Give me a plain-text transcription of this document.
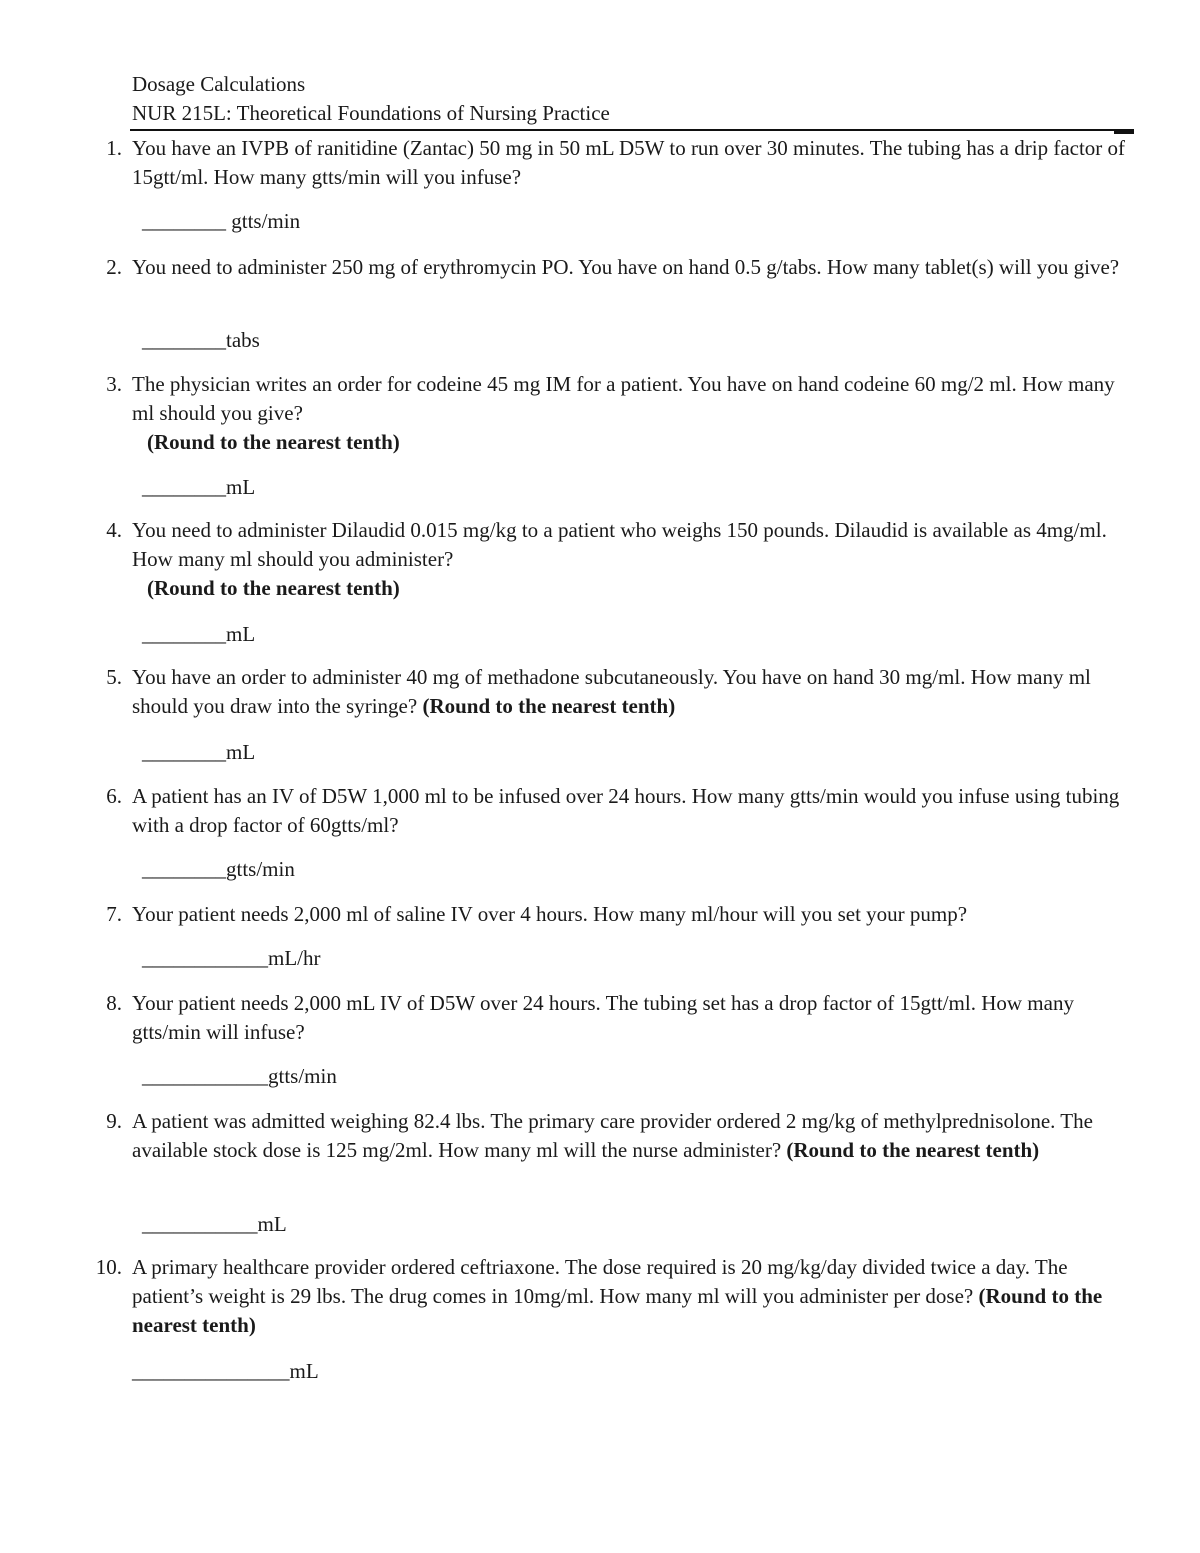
Dosage Calculations
NUR 215L: Theoretical Foundations of Nursing Practice
1. You have an IVPB of ranitidine (Zantac) 50 mg in 50 mL D5W to run over 30 minutes. The tubing has a drip factor of 15gtt/ml. How many gtts/min will you infuse?
________ gtts/min
2. You need to administer 250 mg of erythromycin PO. You have on hand 0.5 g/tabs. How many tablet(s) will you give?
________tabs
3. The physician writes an order for codeine 45 mg IM for a patient. You have on hand codeine 60 mg/2 ml. How many ml should you give?
(Round to the nearest tenth)
________mL
4. You need to administer Dilaudid 0.015 mg/kg to a patient who weighs 150 pounds. Dilaudid is available as 4mg/ml. How many ml should you administer?
(Round to the nearest tenth)
________mL
5. You have an order to administer 40 mg of methadone subcutaneously. You have on hand 30 mg/ml. How many ml should you draw into the syringe? (Round to the nearest tenth)
________mL
6. A patient has an IV of D5W 1,000 ml to be infused over 24 hours. How many gtts/min would you infuse using tubing with a drop factor of 60gtts/ml?
________gtts/min
7. Your patient needs 2,000 ml of saline IV over 4 hours. How many ml/hour will you set your pump?
____________mL/hr
8. Your patient needs 2,000 mL IV of D5W over 24 hours. The tubing set has a drop factor of 15gtt/ml. How many gtts/min will infuse?
____________gtts/min
9. A patient was admitted weighing 82.4 lbs. The primary care provider ordered 2 mg/kg of methylprednisolone. The available stock dose is 125 mg/2ml. How many ml will the nurse administer? (Round to the nearest tenth)
___________mL
10. A primary healthcare provider ordered ceftriaxone. The dose required is 20 mg/kg/day divided twice a day. The patient’s weight is 29 lbs. The drug comes in 10mg/ml. How many ml will you administer per dose? (Round to the nearest tenth)
_______________mL
